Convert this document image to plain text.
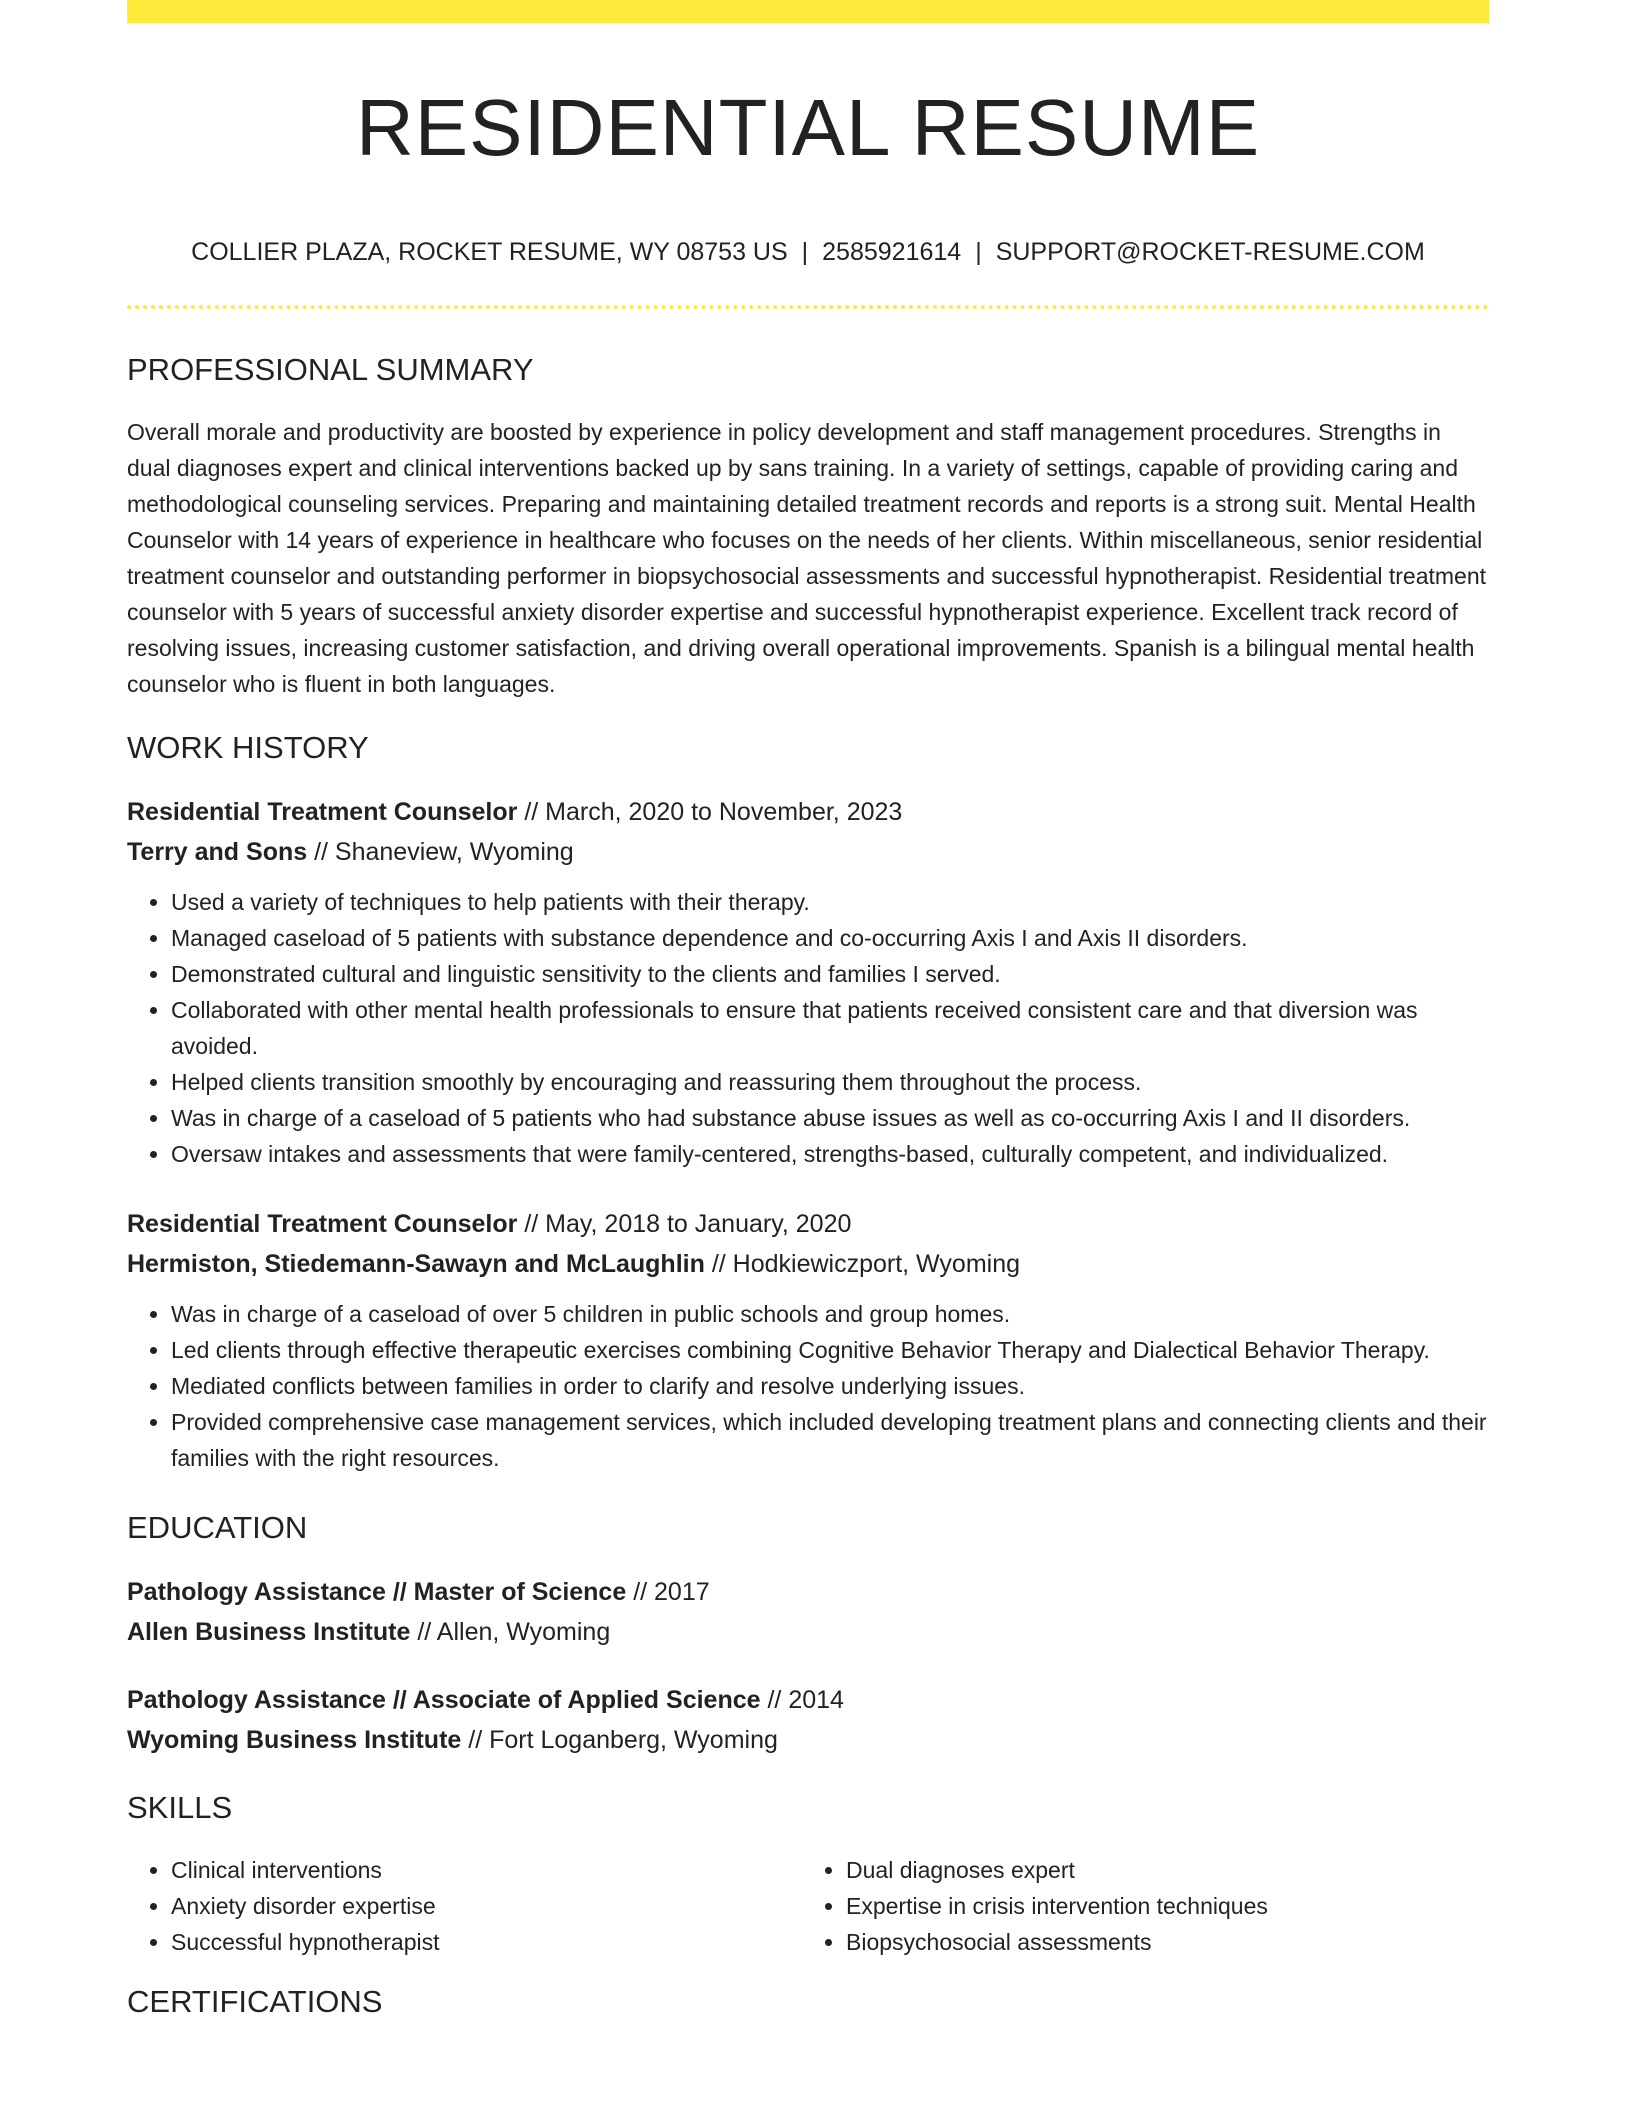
RESIDENTIAL RESUME
COLLIER PLAZA, ROCKET RESUME, WY 08753 US | 2585921614 | SUPPORT@ROCKET-RESUME.COM
PROFESSIONAL SUMMARY

Overall morale and productivity are boosted by experience in policy development and staff management procedures. Strengths in dual diagnoses expert and clinical interventions backed up by sans training. In a variety of settings, capable of providing caring and methodological counseling services. Preparing and maintaining detailed treatment records and reports is a strong suit. Mental Health Counselor with 14 years of experience in healthcare who focuses on the needs of her clients. Within miscellaneous, senior residential treatment counselor and outstanding performer in biopsychosocial assessments and successful hypnotherapist. Residential treatment counselor with 5 years of successful anxiety disorder expertise and successful hypnotherapist experience. Excellent track record of resolving issues, increasing customer satisfaction, and driving overall operational improvements. Spanish is a bilingual mental health counselor who is fluent in both languages.

WORK HISTORY

Residential Treatment Counselor // March, 2020 to November, 2023

Terry and Sons // Shaneview, Wyoming

• Used a variety of techniques to help patients with their therapy.
• Managed caseload of 5 patients with substance dependence and co-occurring Axis I and Axis II disorders.
• Demonstrated cultural and linguistic sensitivity to the clients and families I served.
• Collaborated with other mental health professionals to ensure that patients received consistent care and that diversion was avoided.
• Helped clients transition smoothly by encouraging and reassuring them throughout the process.
• Was in charge of a caseload of 5 patients who had substance abuse issues as well as co-occurring Axis I and II disorders.
• Oversaw intakes and assessments that were family-centered, strengths-based, culturally competent, and individualized.

Residential Treatment Counselor // May, 2018 to January, 2020

Hermiston, Stiedemann-Sawayn and McLaughlin // Hodkiewiczport, Wyoming

• Was in charge of a caseload of over 5 children in public schools and group homes.
• Led clients through effective therapeutic exercises combining Cognitive Behavior Therapy and Dialectical Behavior Therapy.
• Mediated conflicts between families in order to clarify and resolve underlying issues.
• Provided comprehensive case management services, which included developing treatment plans and connecting clients and their families with the right resources.
EDUCATION

Pathology Assistance // Master of Science // 2017

Allen Business Institute // Allen, Wyoming

Pathology Assistance // Associate of Applied Science // 2014

Wyoming Business Institute // Fort Loganberg, Wyoming

SKILLS
• Clinical interventions
• Anxiety disorder expertise
• Successful hypnotherapist
• Dual diagnoses expert
• Expertise in crisis intervention techniques
• Biopsychosocial assessments
CERTIFICATIONS
